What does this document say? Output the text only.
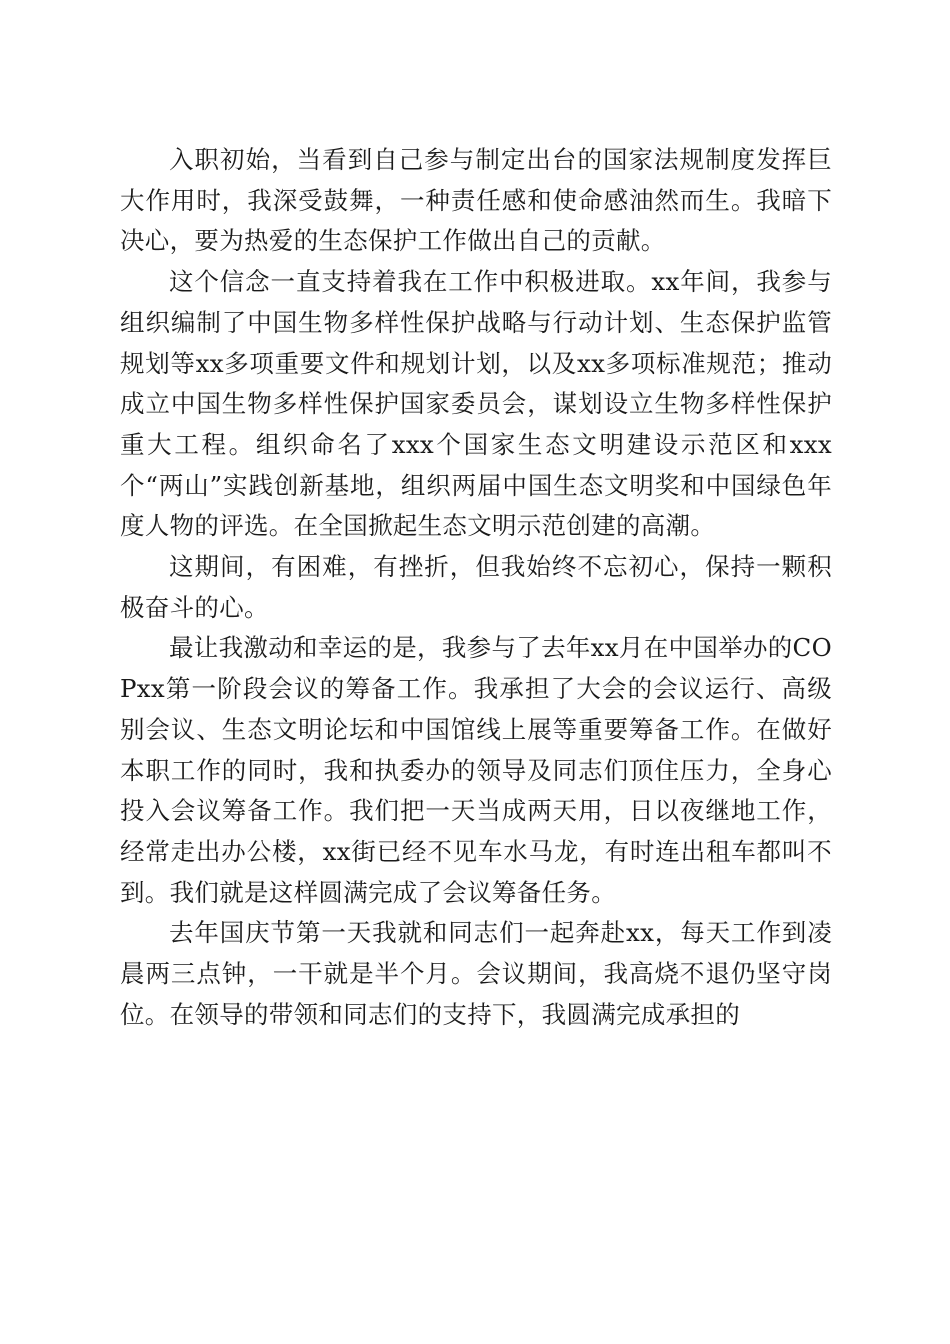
入职初始，当看到自己参与制定出台的国家法规制度发挥巨大作用时，我深受鼓舞，一种责任感和使命感油然而生。我暗下决心，要为热爱的生态保护工作做出自己的贡献。

这个信念一直支持着我在工作中积极进取。xx年间，我参与组织编制了中国生物多样性保护战略与行动计划、生态保护监管规划等xx多项重要文件和规划计划，以及xx多项标准规范；推动成立中国生物多样性保护国家委员会，谋划设立生物多样性保护重大工程。组织命名了xxx个国家生态文明建设示范区和xxx个“两山”实践创新基地，组织两届中国生态文明奖和中国绿色年度人物的评选。在全国掀起生态文明示范创建的高潮。

这期间，有困难，有挫折，但我始终不忘初心，保持一颗积极奋斗的心。

最让我激动和幸运的是，我参与了去年xx月在中国举办的COPxx第一阶段会议的筹备工作。我承担了大会的会议运行、高级别会议、生态文明论坛和中国馆线上展等重要筹备工作。在做好本职工作的同时，我和执委办的领导及同志们顶住压力，全身心投入会议筹备工作。我们把一天当成两天用，日以夜继地工作，经常走出办公楼，xx街已经不见车水马龙，有时连出租车都叫不到。我们就是这样圆满完成了会议筹备任务。

去年国庆节第一天我就和同志们一起奔赴xx，每天工作到凌晨两三点钟，一干就是半个月。会议期间，我高烧不退仍坚守岗位。在领导的带领和同志们的支持下，我圆满完成承担的
